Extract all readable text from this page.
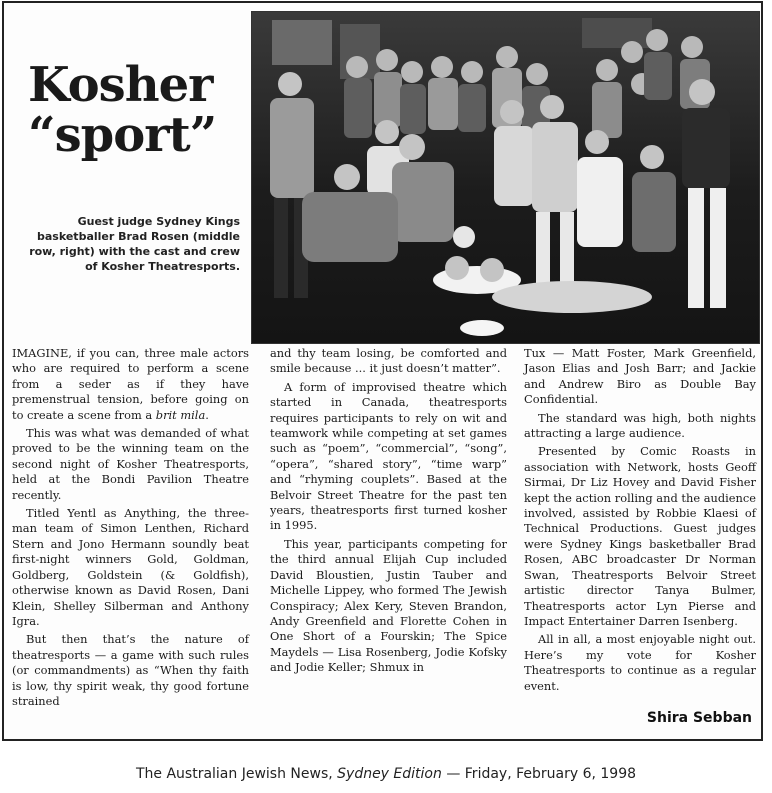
Kosher
“sport”
Guest judge Sydney Kings basketballer Brad Rosen (middle row, right) with the cast and crew of Kosher Theatresports.

IMAGINE, if you can, three male actors who are required to perform a scene from a seder as if they have premenstrual tension, before going on to create a scene from a brit mila.

This was what was demanded of what proved to be the winning team on the second night of Kosher Theatresports, held at the Bondi Pavilion Theatre recently.

Titled Yentl as Anything, the three-man team of Simon Lenthen, Richard Stern and Jono Hermann soundly beat first-night winners Gold, Goldman, Goldberg, Goldstein (& Goldfish), otherwise known as David Rosen, Dani Klein, Shelley Silberman and Anthony Igra.

But then that’s the nature of theatresports — a game with such rules (or commandments) as “When thy faith is low, thy spirit weak, thy good fortune strained

and thy team losing, be comforted and smile because ... it just doesn’t matter”.

A form of improvised theatre which started in Canada, theatresports requires participants to rely on wit and teamwork while competing at set games such as “poem”, “commercial”, “song”, “opera”, “shared story”, “time warp” and “rhyming couplets”. Based at the Belvoir Street Theatre for the past ten years, theatresports first turned kosher in 1995.

This year, participants competing for the third annual Elijah Cup included David Bloustien, Justin Tauber and Michelle Lippey, who formed The Jewish Conspiracy; Alex Kery, Steven Brandon, Andy Greenfield and Florette Cohen in One Short of a Fourskin; The Spice Maydels — Lisa Rosenberg, Jodie Kofsky and Jodie Keller; Shmux in

Tux — Matt Foster, Mark Greenfield, Jason Elias and Josh Barr; and Jackie and Andrew Biro as Double Bay Confidential.

The standard was high, both nights attracting a large audience.

Presented by Comic Roasts in association with Network, hosts Geoff Sirmai, Dr Liz Hovey and David Fisher kept the action rolling and the audience involved, assisted by Robbie Klaesi of Technical Productions. Guest judges were Sydney Kings basketballer Brad Rosen, ABC broadcaster Dr Norman Swan, Theatresports Belvoir Street artistic director Tanya Bulmer, Theatresports actor Lyn Pierse and Impact Entertainer Darren Isenberg.

All in all, a most enjoyable night out. Here’s my vote for Kosher Theatresports to continue as a regular event.

Shira Sebban
The Australian Jewish News, Sydney Edition — Friday, February 6, 1998
